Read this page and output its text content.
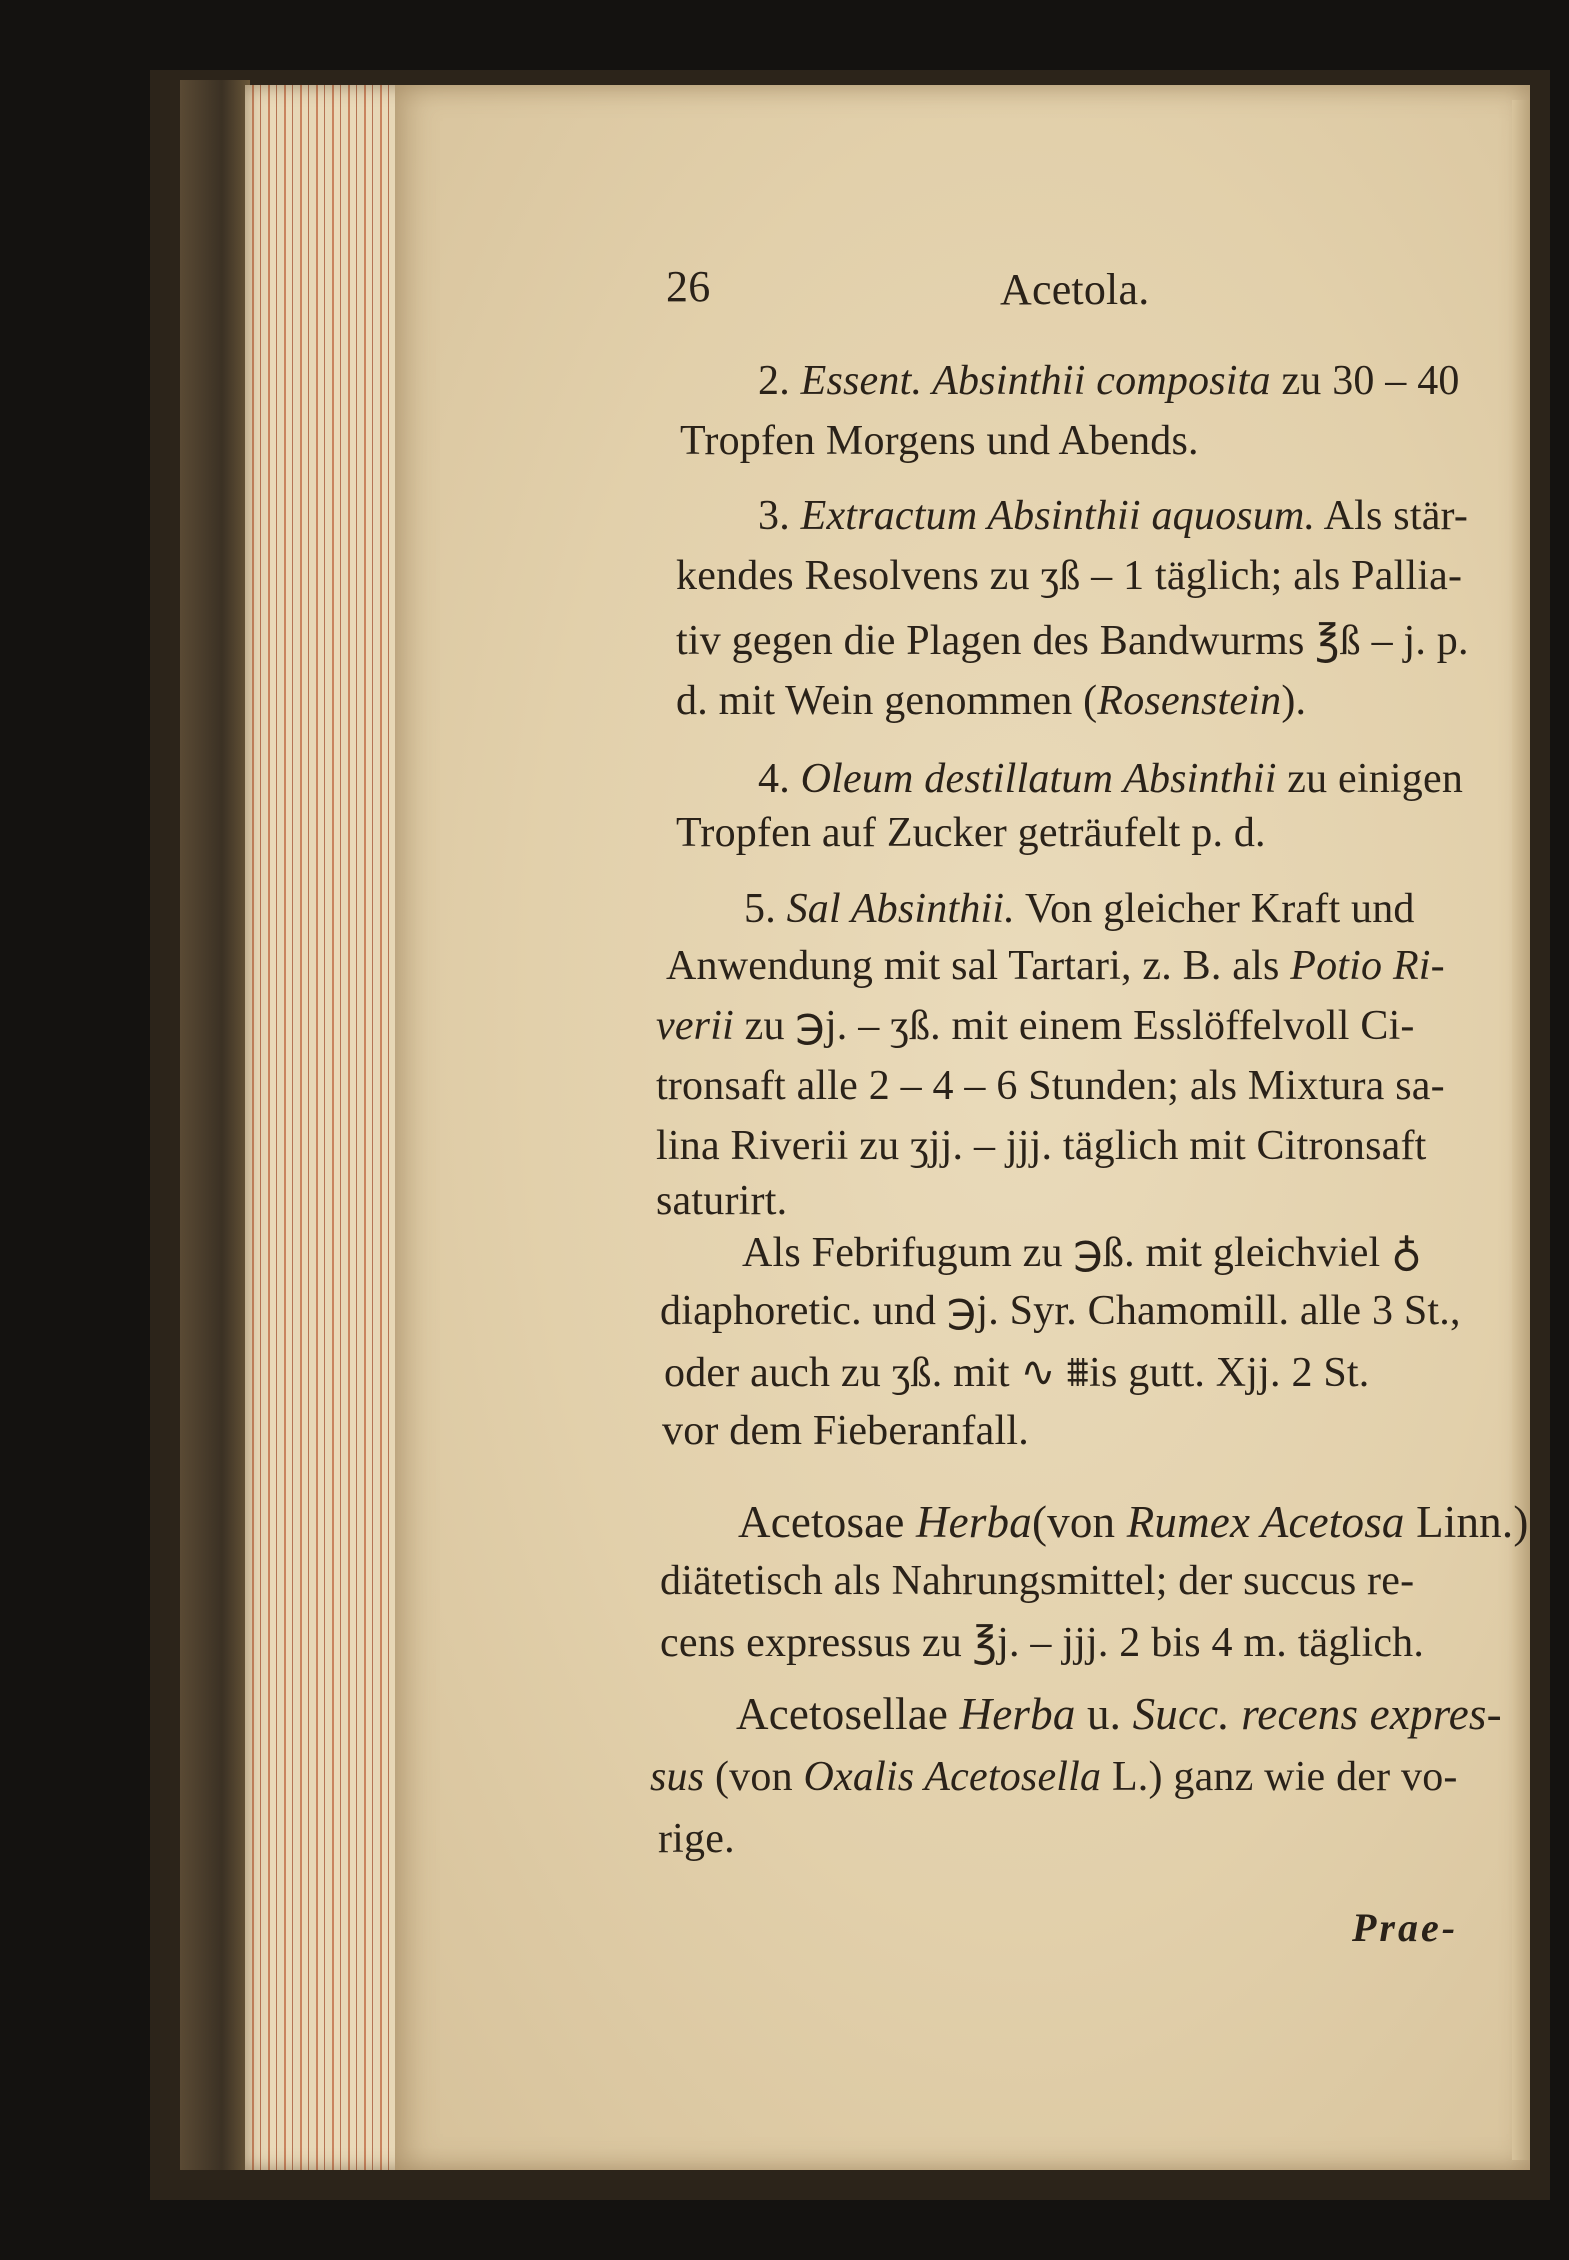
26	Acetola.
2. Essent. Absinthii composita zu 30 – 40
Tropfen Morgens und Abends.
3. Extractum Absinthii aquosum. Als stär-
kendes Resolvens zu ʒß – 1 täglich; als Pallia-
tiv gegen die Plagen des Bandwurms ℥ß – j. p.
d. mit Wein genommen (Rosenstein).
4. Oleum destillatum Absinthii zu einigen
Tropfen auf Zucker geträufelt p. d.
5. Sal Absinthii. Von gleicher Kraft und
Anwendung mit sal Tartari, z. B. als Potio Ri-
verii zu ℈j. – ʒß. mit einem Esslöffelvoll Ci-
tronsaft alle 2 – 4 – 6 Stunden; als Mixtura sa-
lina Riverii zu ʒjj. – jjj. täglich mit Citronsaft
saturirt.
Als Febrifugum zu ℈ß. mit gleichviel ♁
diaphoretic. und ℈j. Syr. Chamomill. alle 3 St.,
oder auch zu ʒß. mit ∿ ⩩is gutt. Xjj. 2 St.
vor dem Fieberanfall.
Acetosae Herba(von Rumex Acetosa Linn.)
diätetisch als Nahrungsmittel; der succus re-
cens expressus zu ℥j. – jjj. 2 bis 4 m. täglich.
Acetosellae Herba u. Succ. recens expres-
sus (von Oxalis Acetosella L.) ganz wie der vo-
rige.
Prae-
